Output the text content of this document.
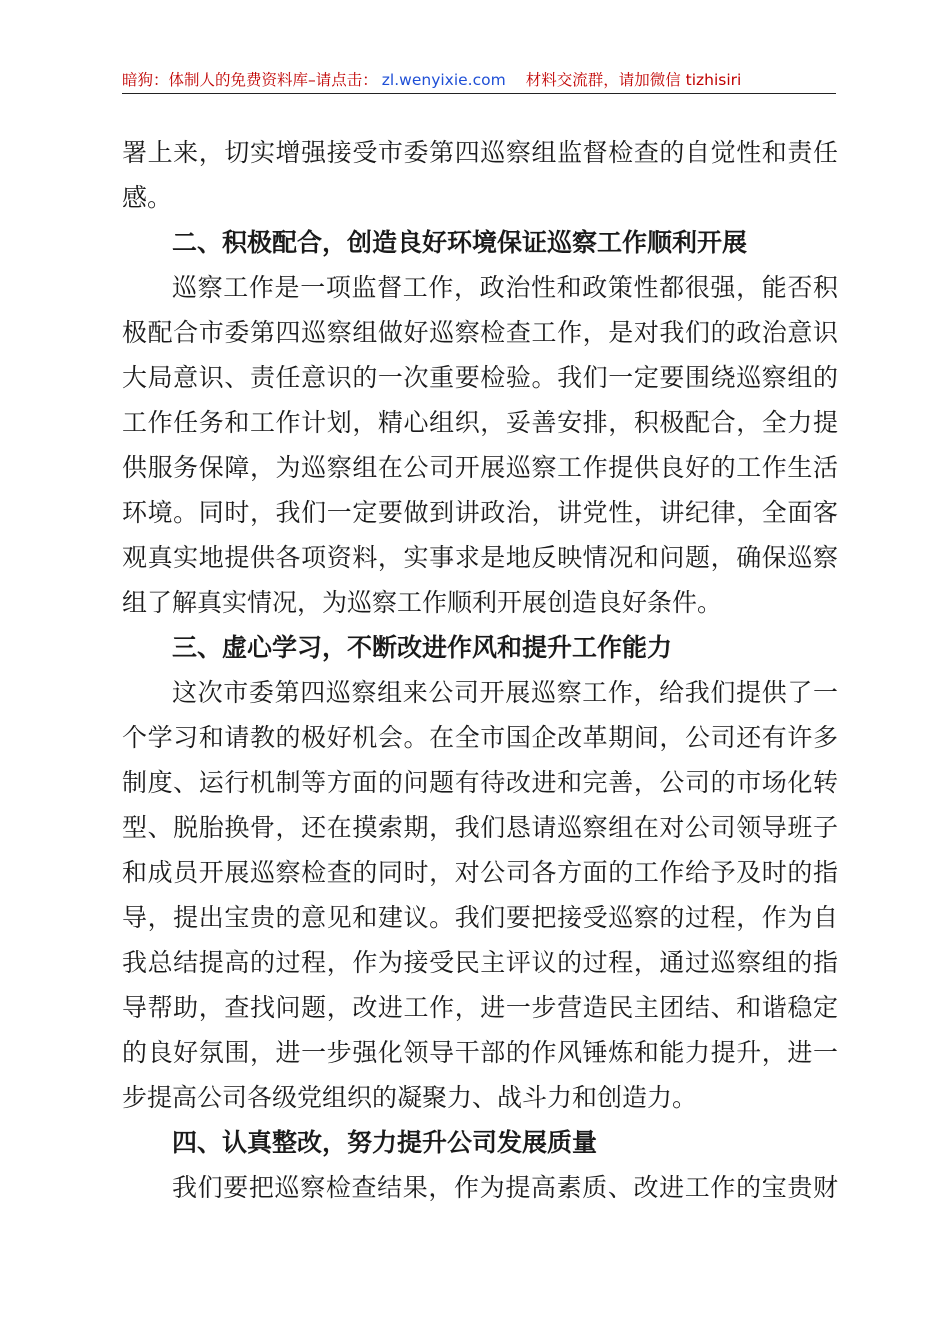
暗狗：体制人的免费资料库–请点击： zl.wenyixie.com 材料交流群，请加微信 tizhisiri
署上来，切实增强接受市委第四巡察组监督检查的自觉性和责任
感。
二、积极配合，创造良好环境保证巡察工作顺利开展
巡察工作是一项监督工作，政治性和政策性都很强，能否积
极配合市委第四巡察组做好巡察检查工作，是对我们的政治意识
大局意识、责任意识的一次重要检验。我们一定要围绕巡察组的
工作任务和工作计划，精心组织，妥善安排，积极配合，全力提
供服务保障，为巡察组在公司开展巡察工作提供良好的工作生活
环境。同时，我们一定要做到讲政治，讲党性，讲纪律，全面客
观真实地提供各项资料，实事求是地反映情况和问题，确保巡察
组了解真实情况，为巡察工作顺利开展创造良好条件。
三、虚心学习，不断改进作风和提升工作能力
这次市委第四巡察组来公司开展巡察工作，给我们提供了一
个学习和请教的极好机会。在全市国企改革期间，公司还有许多
制度、运行机制等方面的问题有待改进和完善，公司的市场化转
型、脱胎换骨，还在摸索期，我们恳请巡察组在对公司领导班子
和成员开展巡察检查的同时，对公司各方面的工作给予及时的指
导，提出宝贵的意见和建议。我们要把接受巡察的过程，作为自
我总结提高的过程，作为接受民主评议的过程，通过巡察组的指
导帮助，查找问题，改进工作，进一步营造民主团结、和谐稳定
的良好氛围，进一步强化领导干部的作风锤炼和能力提升，进一
步提高公司各级党组织的凝聚力、战斗力和创造力。
四、认真整改，努力提升公司发展质量
我们要把巡察检查结果，作为提高素质、改进工作的宝贵财
